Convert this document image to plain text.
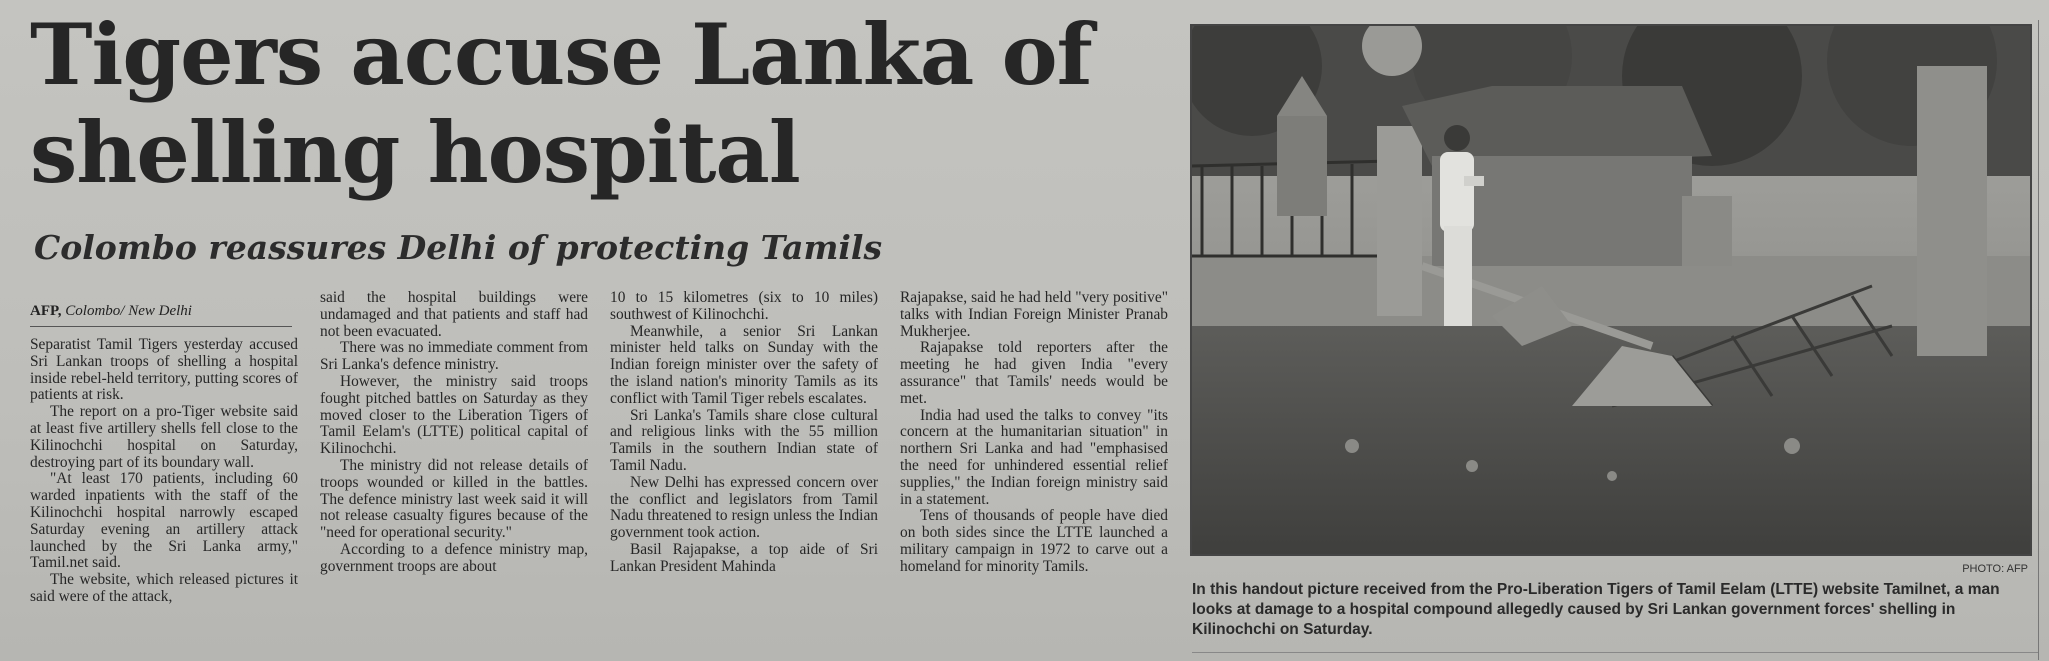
Tigers accuse Lanka of shelling hospital
Colombo reassures Delhi of protecting Tamils
AFP, Colombo/ New Delhi

Separatist Tamil Tigers yesterday accused Sri Lankan troops of shelling a hospital inside rebel-held territory, putting scores of patients at risk.

The report on a pro-Tiger website said at least five artillery shells fell close to the Kilinochchi hospital on Saturday, destroying part of its boundary wall.

"At least 170 patients, including 60 warded inpatients with the staff of the Kilinochchi hospital narrowly escaped Saturday evening an artillery attack launched by the Sri Lanka army," Tamil.net said.

The website, which released pictures it said were of the attack,

said the hospital buildings were undamaged and that patients and staff had not been evacuated.

There was no immediate comment from Sri Lanka's defence ministry.

However, the ministry said troops fought pitched battles on Saturday as they moved closer to the Liberation Tigers of Tamil Eelam's (LTTE) political capital of Kilinochchi.

The ministry did not release details of troops wounded or killed in the battles. The defence ministry last week said it will not release casualty figures because of the "need for operational security."

According to a defence ministry map, government troops are about

10 to 15 kilometres (six to 10 miles) southwest of Kilinochchi.

Meanwhile, a senior Sri Lankan minister held talks on Sunday with the Indian foreign minister over the safety of the island nation's minority Tamils as its conflict with Tamil Tiger rebels escalates.

Sri Lanka's Tamils share close cultural and religious links with the 55 million Tamils in the southern Indian state of Tamil Nadu.

New Delhi has expressed concern over the conflict and legislators from Tamil Nadu threatened to resign unless the Indian government took action.

Basil Rajapakse, a top aide of Sri Lankan President Mahinda

Rajapakse, said he had held "very positive" talks with Indian Foreign Minister Pranab Mukherjee.

Rajapakse told reporters after the meeting he had given India "every assurance" that Tamils' needs would be met.

India had used the talks to convey "its concern at the humanitarian situation" in northern Sri Lanka and had "emphasised the need for unhindered essential relief supplies," the Indian foreign ministry said in a statement.

Tens of thousands of people have died on both sides since the LTTE launched a military campaign in 1972 to carve out a homeland for minority Tamils.	PHOTO: AFP
In this handout picture received from the Pro-Liberation Tigers of Tamil Eelam (LTTE) website Tamilnet, a man looks at damage to a hospital compound allegedly caused by Sri Lankan government forces' shelling in Kilinochchi on Saturday.
